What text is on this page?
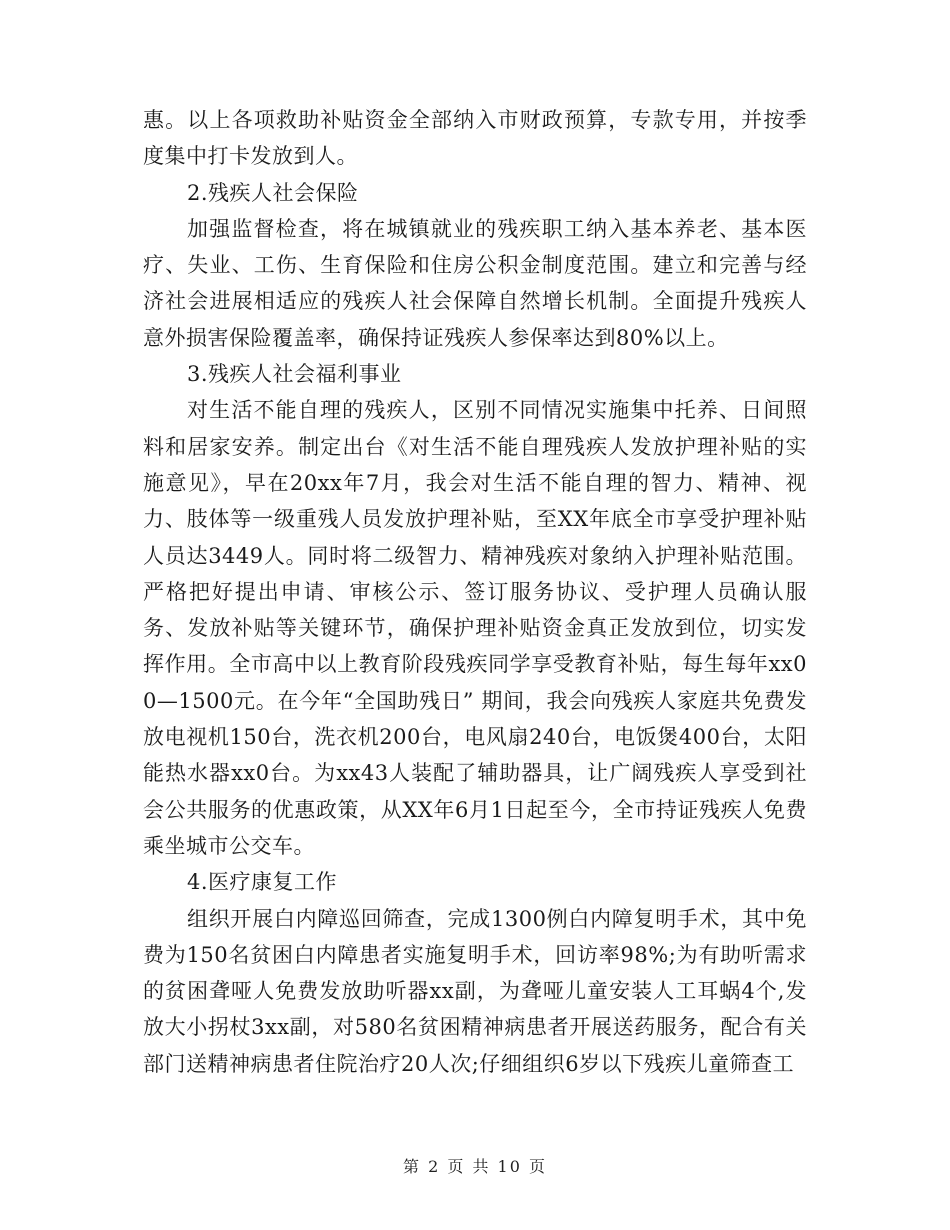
惠。以上各项救助补贴资金全部纳入市财政预算，专款专用，并按季度集中打卡发放到人。

2.残疾人社会保险

加强监督检查，将在城镇就业的残疾职工纳入基本养老、基本医疗、失业、工伤、生育保险和住房公积金制度范围。建立和完善与经济社会进展相适应的残疾人社会保障自然增长机制。全面提升残疾人意外损害保险覆盖率，确保持证残疾人参保率达到80%以上。

3.残疾人社会福利事业

对生活不能自理的残疾人，区别不同情况实施集中托养、日间照料和居家安养。制定出台《对生活不能自理残疾人发放护理补贴的实施意见》，早在20xx年7月，我会对生活不能自理的智力、精神、视力、肢体等一级重残人员发放护理补贴，至XX年底全市享受护理补贴人员达3449人。同时将二级智力、精神残疾对象纳入护理补贴范围。严格把好提出申请、审核公示、签订服务协议、受护理人员确认服务、发放补贴等关键环节，确保护理补贴资金真正发放到位，切实发挥作用。全市高中以上教育阶段残疾同学享受教育补贴，每生每年xx00—1500元。在今年“全国助残日” 期间，我会向残疾人家庭共免费发放电视机150台，洗衣机200台，电风扇240台，电饭煲400台，太阳能热水器xx0台。为xx43人装配了辅助器具，让广阔残疾人享受到社会公共服务的优惠政策，从XX年6月1日起至今，全市持证残疾人免费乘坐城市公交车。

4.医疗康复工作

组织开展白内障巡回筛查，完成1300例白内障复明手术，其中免费为150名贫困白内障患者实施复明手术，回访率98%;为有助听需求的贫困聋哑人免费发放助听器xx副，为聋哑儿童安装人工耳蜗4个,发放大小拐杖3xx副，对580名贫困精神病患者开展送药服务，配合有关部门送精神病患者住院治疗20人次;仔细组织6岁以下残疾儿童筛查工

第 2 页 共 10 页
